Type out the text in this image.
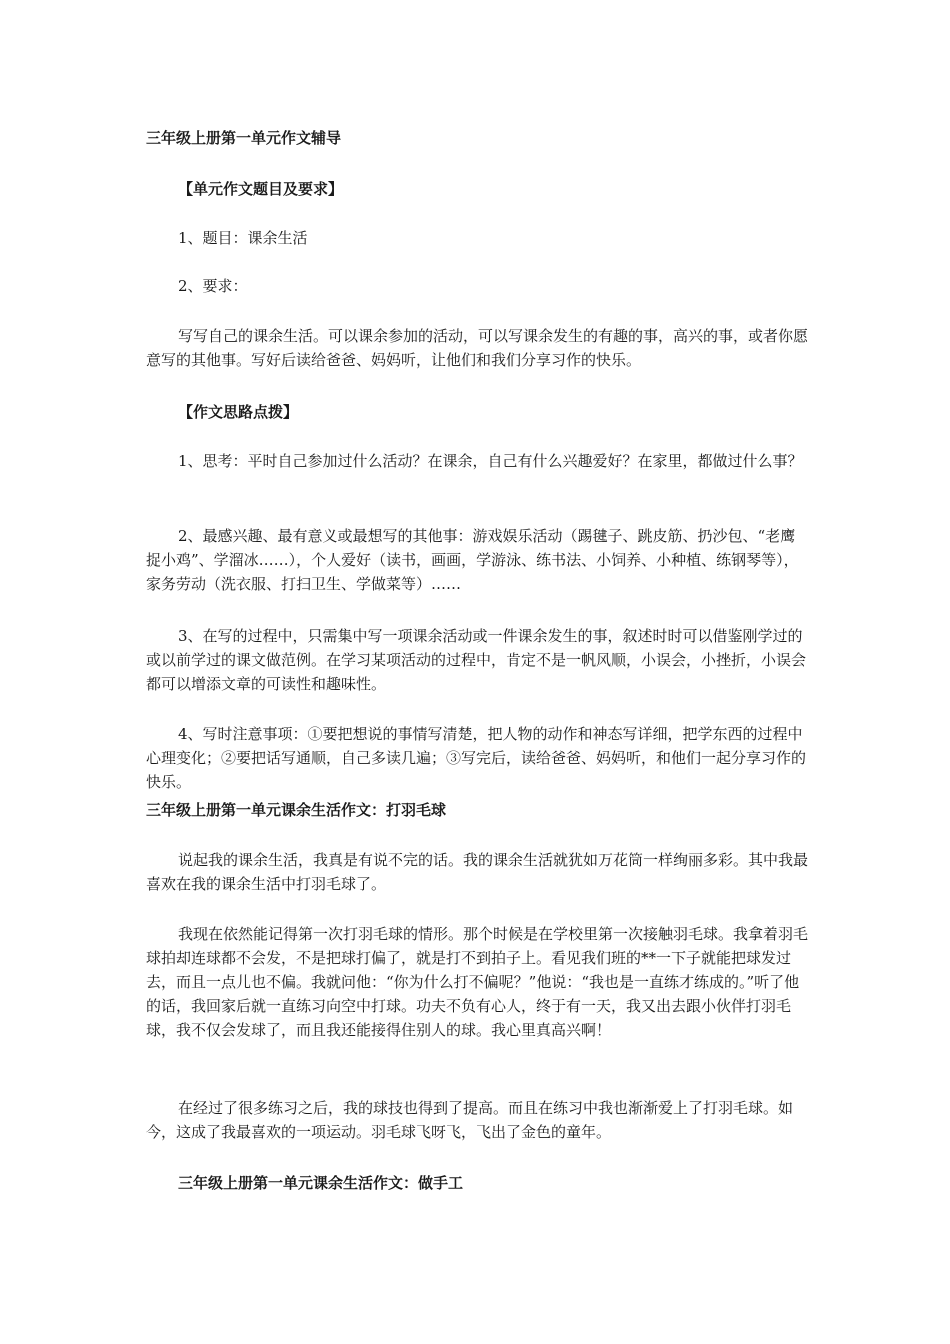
三年级上册第一单元作文辅导
【单元作文题目及要求】
1、题目：课余生活
2、要求：
写写自己的课余生活。可以课余参加的活动，可以写课余发生的有趣的事，高兴的事，或者你愿意写的其他事。写好后读给爸爸、妈妈听，让他们和我们分享习作的快乐。
【作文思路点拨】
1、思考：平时自己参加过什么活动？在课余，自己有什么兴趣爱好？在家里，都做过什么事？
2、最感兴趣、最有意义或最想写的其他事：游戏娱乐活动（踢毽子、跳皮筋、扔沙包、“老鹰捉小鸡”、学溜冰……），个人爱好（读书，画画，学游泳、练书法、小饲养、小种植、练钢琴等），家务劳动（洗衣服、打扫卫生、学做菜等）……
3、在写的过程中，只需集中写一项课余活动或一件课余发生的事，叙述时时可以借鉴刚学过的或以前学过的课文做范例。在学习某项活动的过程中，肯定不是一帆风顺，小误会，小挫折，小误会都可以增添文章的可读性和趣味性。
4、写时注意事项：①要把想说的事情写清楚，把人物的动作和神态写详细，把学东西的过程中心理变化；②要把话写通顺，自己多读几遍；③写完后，读给爸爸、妈妈听，和他们一起分享习作的快乐。
三年级上册第一单元课余生活作文：打羽毛球
说起我的课余生活，我真是有说不完的话。我的课余生活就犹如万花筒一样绚丽多彩。其中我最喜欢在我的课余生活中打羽毛球了。
我现在依然能记得第一次打羽毛球的情形。那个时候是在学校里第一次接触羽毛球。我拿着羽毛球拍却连球都不会发，不是把球打偏了，就是打不到拍子上。看见我们班的**一下子就能把球发过去，而且一点儿也不偏。我就问他：“你为什么打不偏呢？”他说：“我也是一直练才练成的。”听了他的话，我回家后就一直练习向空中打球。功夫不负有心人，终于有一天，我又出去跟小伙伴打羽毛球，我不仅会发球了，而且我还能接得住别人的球。我心里真高兴啊！
在经过了很多练习之后，我的球技也得到了提高。而且在练习中我也渐渐爱上了打羽毛球。如今，这成了我最喜欢的一项运动。羽毛球飞呀飞，飞出了金色的童年。
三年级上册第一单元课余生活作文：做手工
